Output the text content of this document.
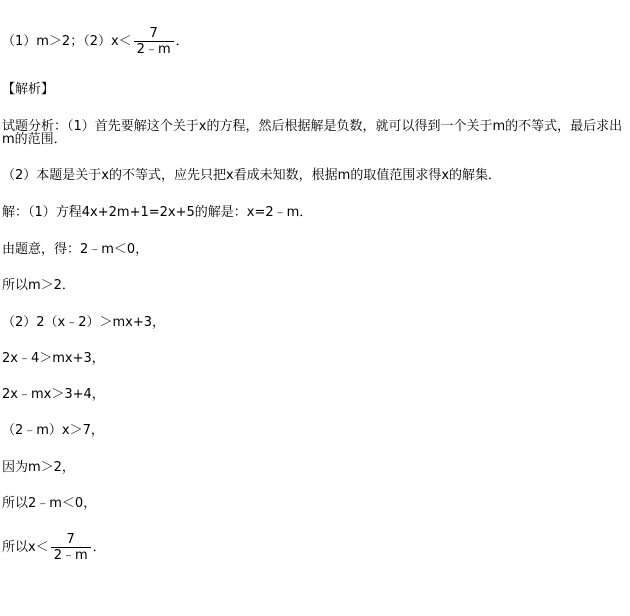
（1）m＞2；$(2)x< \frac{7}{2﹣m}$ ．
【解析】
试题分析：（1）首先要解这个关于x的方程，然后根据解是负数，就可以得到一个关于m的不等式，最后求出m的范围．
（2）本题是关于x的不等式，应先只把x看成未知数，根据m的取值范围求得x的解集．
解：（1）方程4x+2m+1=2x+5的解是：x=2﹣m．
由题意，得：2﹣m＜0，
所以m＞2．
（2）2（x﹣2）＞mx+3，
2x﹣4＞mx+3，
2x﹣mx＞3+4，
（2﹣m）x＞7，
因为m＞2，
所以2﹣m＜0，
所以$x< \frac{7}{2﹣m}$ ．
